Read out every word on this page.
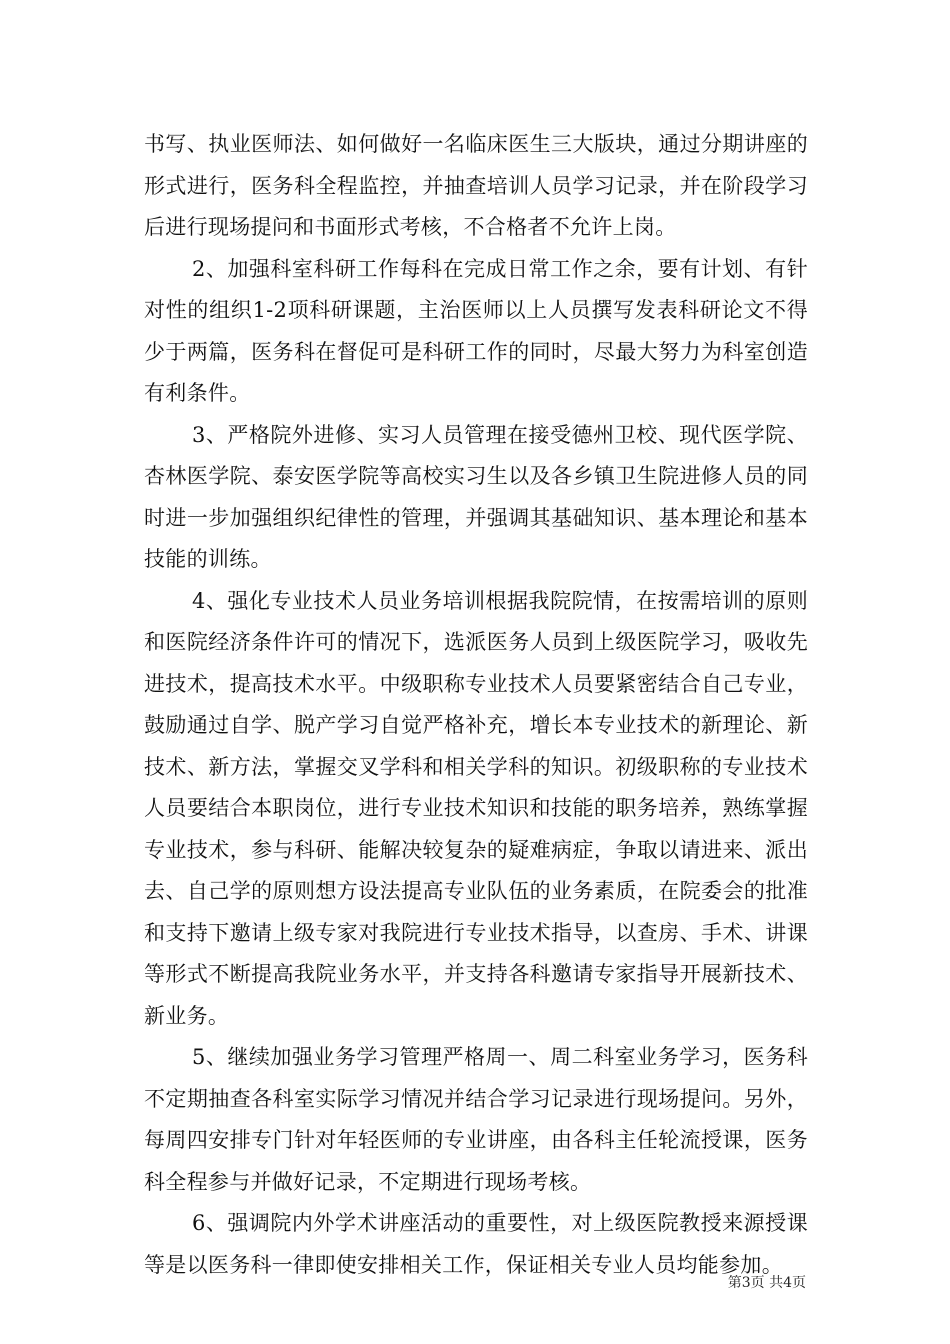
书写、执业医师法、如何做好一名临床医生三大版块，通过分期讲座的形式进行，医务科全程监控，并抽查培训人员学习记录，并在阶段学习后进行现场提问和书面形式考核，不合格者不允许上岗。

2、加强科室科研工作每科在完成日常工作之余，要有计划、有针对性的组织1-2项科研课题，主治医师以上人员撰写发表科研论文不得少于两篇，医务科在督促可是科研工作的同时，尽最大努力为科室创造有利条件。

3、严格院外进修、实习人员管理在接受德州卫校、现代医学院、杏林医学院、泰安医学院等高校实习生以及各乡镇卫生院进修人员的同时进一步加强组织纪律性的管理，并强调其基础知识、基本理论和基本技能的训练。

4、强化专业技术人员业务培训根据我院院情，在按需培训的原则和医院经济条件许可的情况下，选派医务人员到上级医院学习，吸收先进技术，提高技术水平。中级职称专业技术人员要紧密结合自己专业，鼓励通过自学、脱产学习自觉严格补充，增长本专业技术的新理论、新技术、新方法，掌握交叉学科和相关学科的知识。初级职称的专业技术人员要结合本职岗位，进行专业技术知识和技能的职务培养，熟练掌握专业技术，参与科研、能解决较复杂的疑难病症，争取以请进来、派出去、自己学的原则想方设法提高专业队伍的业务素质，在院委会的批准和支持下邀请上级专家对我院进行专业技术指导，以查房、手术、讲课等形式不断提高我院业务水平，并支持各科邀请专家指导开展新技术、新业务。

5、继续加强业务学习管理严格周一、周二科室业务学习，医务科不定期抽查各科室实际学习情况并结合学习记录进行现场提问。另外，每周四安排专门针对年轻医师的专业讲座，由各科主任轮流授课，医务科全程参与并做好记录，不定期进行现场考核。

6、强调院内外学术讲座活动的重要性，对上级医院教授来源授课等是以医务科一律即使安排相关工作，保证相关专业人员均能参加。

第3页 共4页
